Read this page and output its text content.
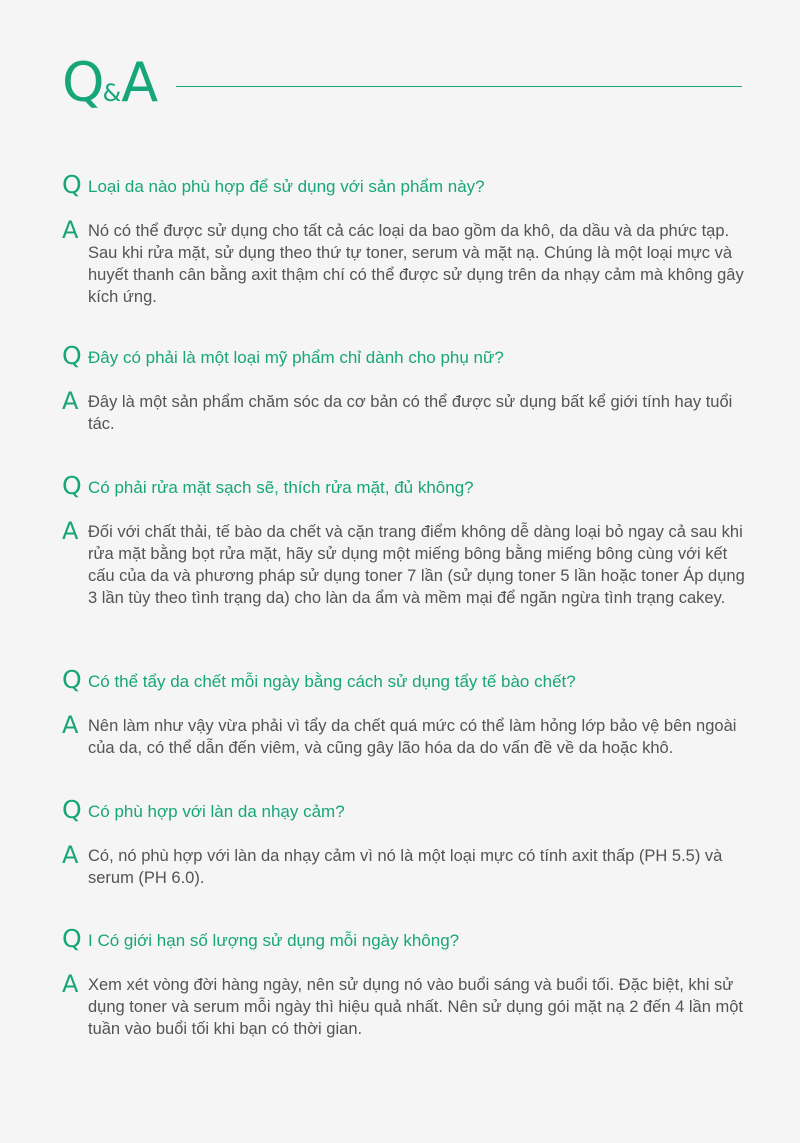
Q&A
Q Loại da nào phù hợp để sử dụng với sản phẩm này?
A Nó có thể được sử dụng cho tất cả các loại da bao gồm da khô, da dầu và da phức tạp.

Sau khi rửa mặt, sử dụng theo thứ tự toner, serum và mặt nạ. Chúng là một loại mực và huyết thanh cân bằng axit thậm chí có thể được sử dụng trên da nhạy cảm mà không gây kích ứng.

Q Đây có phải là một loại mỹ phẩm chỉ dành cho phụ nữ?
A Đây là một sản phẩm chăm sóc da cơ bản có thể được sử dụng bất kể giới tính hay tuổi tác.

Q Có phải rửa mặt sạch sẽ, thích rửa mặt, đủ không?
A Đối với chất thải, tế bào da chết và cặn trang điểm không dễ dàng loại bỏ ngay cả sau khi rửa mặt bằng bọt rửa mặt, hãy sử dụng một miếng bông bằng miếng bông cùng với kết cấu của da và phương pháp sử dụng toner 7 lần (sử dụng toner 5 lần hoặc toner Áp dụng 3 lần tùy theo tình trạng da) cho làn da ẩm và mềm mại để ngăn ngừa tình trạng cakey.

Q Có thể tẩy da chết mỗi ngày bằng cách sử dụng tẩy tế bào chết?
A Nên làm như vậy vừa phải vì tẩy da chết quá mức có thể làm hỏng lớp bảo vệ bên ngoài của da, có thể dẫn đến viêm, và cũng gây lão hóa da do vấn đề về da hoặc khô.

Q Có phù hợp với làn da nhạy cảm?
A Có, nó phù hợp với làn da nhạy cảm vì nó là một loại mực có tính axit thấp (PH 5.5) và serum (PH 6.0).

Q I Có giới hạn số lượng sử dụng mỗi ngày không?
A Xem xét vòng đời hàng ngày, nên sử dụng nó vào buổi sáng và buổi tối. Đặc biệt, khi sử dụng toner và serum mỗi ngày thì hiệu quả nhất. Nên sử dụng gói mặt nạ 2 đến 4 lần một tuần vào buổi tối khi bạn có thời gian.
